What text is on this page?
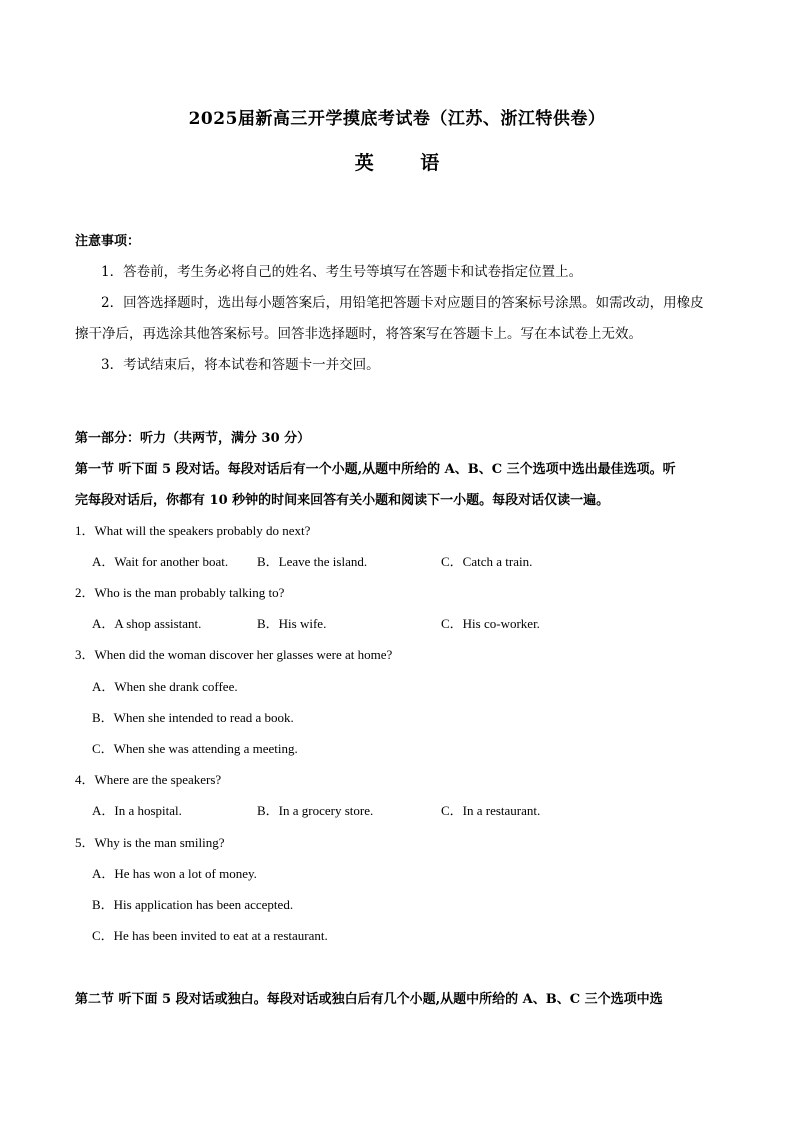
2025届新高三开学摸底考试卷（江苏、浙江特供卷）
英 语
注意事项：
1．答卷前，考生务必将自己的姓名、考生号等填写在答题卡和试卷指定位置上。
2．回答选择题时，选出每小题答案后，用铅笔把答题卡对应题目的答案标号涂黑。如需改动，用橡皮
擦干净后，再选涂其他答案标号。回答非选择题时，将答案写在答题卡上。写在本试卷上无效。
3．考试结束后，将本试卷和答题卡一并交回。
第一部分：听力（共两节，满分 30 分）
第一节 听下面 5 段对话。每段对话后有一个小题,从题中所给的 A、B、C 三个选项中选出最佳选项。听
完每段对话后，你都有 10 秒钟的时间来回答有关小题和阅读下一小题。每段对话仅读一遍。
1．What will the speakers probably do next?
A．Wait for another boat. B．Leave the island.	C．Catch a train.
2．Who is the man probably talking to?
A．A shop assistant.	B．His wife.	C．His co-worker.
3．When did the woman discover her glasses were at home?
A．When she drank coffee.
B．When she intended to read a book.
C．When she was attending a meeting.
4．Where are the speakers?
A．In a hospital.	B．In a grocery store.	C．In a restaurant.
5．Why is the man smiling?
A．He has won a lot of money.
B．His application has been accepted.
C．He has been invited to eat at a restaurant.
第二节 听下面 5 段对话或独白。每段对话或独白后有几个小题,从题中所给的 A、B、C 三个选项中选
